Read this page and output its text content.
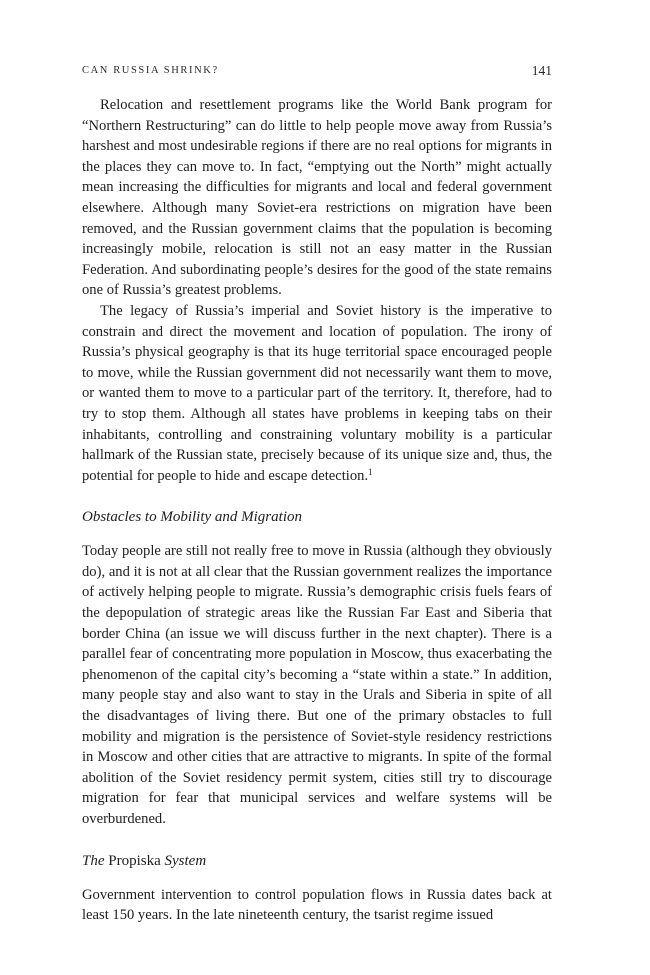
CAN RUSSIA SHRINK?	141

Relocation and resettlement programs like the World Bank program for “Northern Restructuring” can do little to help people move away from Russia’s harshest and most undesirable regions if there are no real options for migrants in the places they can move to. In fact, “emptying out the North” might actually mean increasing the difficulties for migrants and local and federal government elsewhere. Although many Soviet-era restrictions on migration have been removed, and the Russian government claims that the population is becoming increasingly mobile, relocation is still not an easy matter in the Russian Federation. And subordinating people’s desires for the good of the state remains one of Russia’s greatest problems.

The legacy of Russia’s imperial and Soviet history is the imperative to constrain and direct the movement and location of population. The irony of Russia’s physical geography is that its huge territorial space encouraged people to move, while the Russian government did not necessarily want them to move, or wanted them to move to a particular part of the territory. It, therefore, had to try to stop them. Although all states have problems in keeping tabs on their inhabitants, controlling and constraining voluntary mobility is a particular hallmark of the Russian state, precisely because of its unique size and, thus, the potential for people to hide and escape detection.$^1$

Obstacles to Mobility and Migration

Today people are still not really free to move in Russia (although they obviously do), and it is not at all clear that the Russian government realizes the importance of actively helping people to migrate. Russia’s demographic crisis fuels fears of the depopulation of strategic areas like the Russian Far East and Siberia that border China (an issue we will discuss further in the next chapter). There is a parallel fear of concentrating more population in Moscow, thus exacerbating the phenomenon of the capital city’s becoming a “state within a state.” In addition, many people stay and also want to stay in the Urals and Siberia in spite of all the disadvantages of living there. But one of the primary obstacles to full mobility and migration is the persistence of Soviet-style residency restrictions in Moscow and other cities that are attractive to migrants. In spite of the formal abolition of the Soviet residency permit system, cities still try to discourage migration for fear that municipal services and welfare systems will be overburdened.

The Propiska System

Government intervention to control population flows in Russia dates back at least 150 years. In the late nineteenth century, the tsarist regime issued
